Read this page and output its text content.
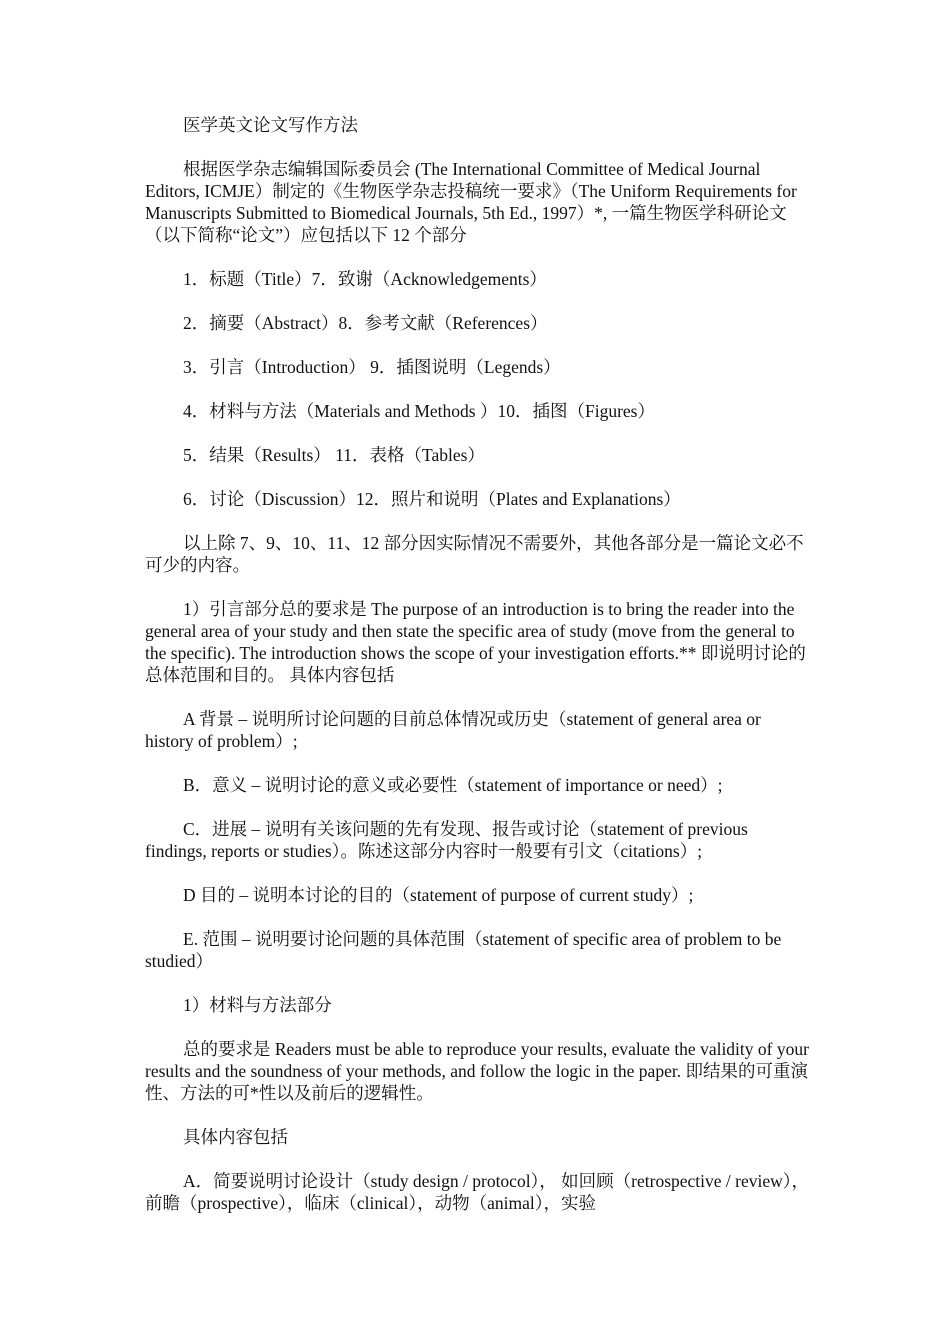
医学英文论文写作方法

根据医学杂志编辑国际委员会 (The International Committee of Medical Journal Editors, ICMJE）制定的《生物医学杂志投稿统一要求》（The Uniform Requirements for Manuscripts Submitted to Biomedical Journals, 5th Ed., 1997）*, 一篇生物医学科研论文（以下简称“论文”）应包括以下 12 个部分

1．标题（Title）7．致谢（Acknowledgements）

2．摘要（Abstract）8．参考文献（References）

3．引言（Introduction） 9．插图说明（Legends）

4．材料与方法（Materials and Methods ）10．插图（Figures）

5．结果（Results） 11．表格（Tables）

6．讨论（Discussion）12．照片和说明（Plates and Explanations）

以上除 7、9、10、11、12 部分因实际情况不需要外，其他各部分是一篇论文必不可少的内容。

1）引言部分总的要求是 The purpose of an introduction is to bring the reader into the general area of your study and then state the specific area of study (move from the general to the specific). The introduction shows the scope of your investigation efforts.** 即说明讨论的总体范围和目的。 具体内容包括

A 背景 – 说明所讨论问题的目前总体情况或历史（statement of general area or history of problem）;

B．意义 – 说明讨论的意义或必要性（statement of importance or need）;

C．进展 – 说明有关该问题的先有发现、报告或讨论（statement of previous findings, reports or studies）。陈述这部分内容时一般要有引文（citations）;

D 目的 – 说明本讨论的目的（statement of purpose of current study）;

E. 范围 – 说明要讨论问题的具体范围（statement of specific area of problem to be studied）

1）材料与方法部分

总的要求是 Readers must be able to reproduce your results, evaluate the validity of your results and the soundness of your methods, and follow the logic in the paper. 即结果的可重演性、方法的可*性以及前后的逻辑性。

具体内容包括

A．简要说明讨论设计（study design / protocol）， 如回顾（retrospective / review），前瞻（prospective），临床（clinical），动物（animal），实验
